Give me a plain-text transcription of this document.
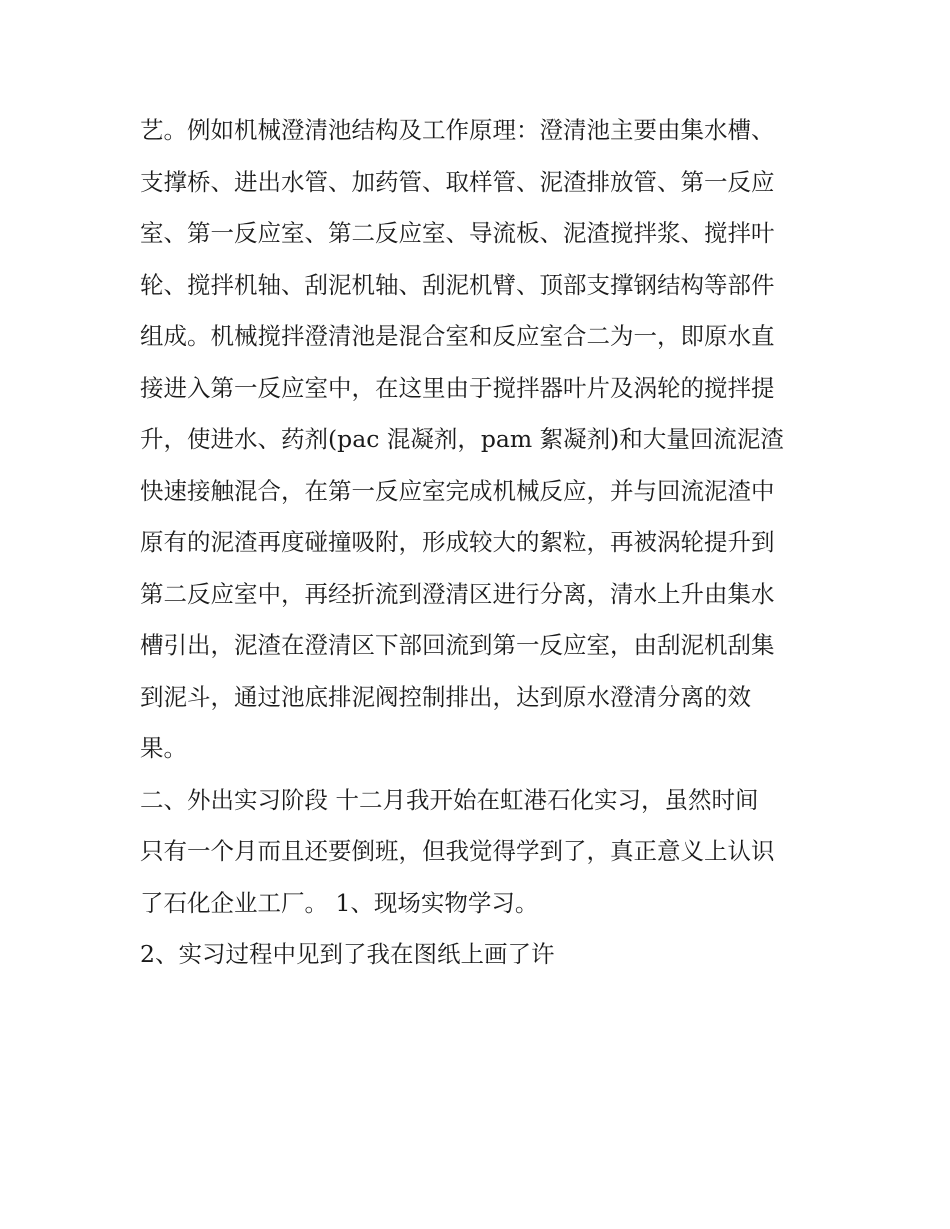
艺。例如机械澄清池结构及工作原理：澄清池主要由集水槽、
支撑桥、进出水管、加药管、取样管、泥渣排放管、第一反应
室、第一反应室、第二反应室、导流板、泥渣搅拌浆、搅拌叶
轮、搅拌机轴、刮泥机轴、刮泥机臂、顶部支撑钢结构等部件
组成。机械搅拌澄清池是混合室和反应室合二为一，即原水直
接进入第一反应室中，在这里由于搅拌器叶片及涡轮的搅拌提
升，使进水、药剂(pac 混凝剂，pam 絮凝剂)和大量回流泥渣
快速接触混合，在第一反应室完成机械反应，并与回流泥渣中
原有的泥渣再度碰撞吸附，形成较大的絮粒，再被涡轮提升到
第二反应室中，再经折流到澄清区进行分离，清水上升由集水
槽引出，泥渣在澄清区下部回流到第一反应室，由刮泥机刮集
到泥斗，通过池底排泥阀控制排出，达到原水澄清分离的效
果。
二、外出实习阶段 十二月我开始在虹港石化实习，虽然时间
只有一个月而且还要倒班，但我觉得学到了，真正意义上认识
了石化企业工厂。 1、现场实物学习。
2、实习过程中见到了我在图纸上画了许
